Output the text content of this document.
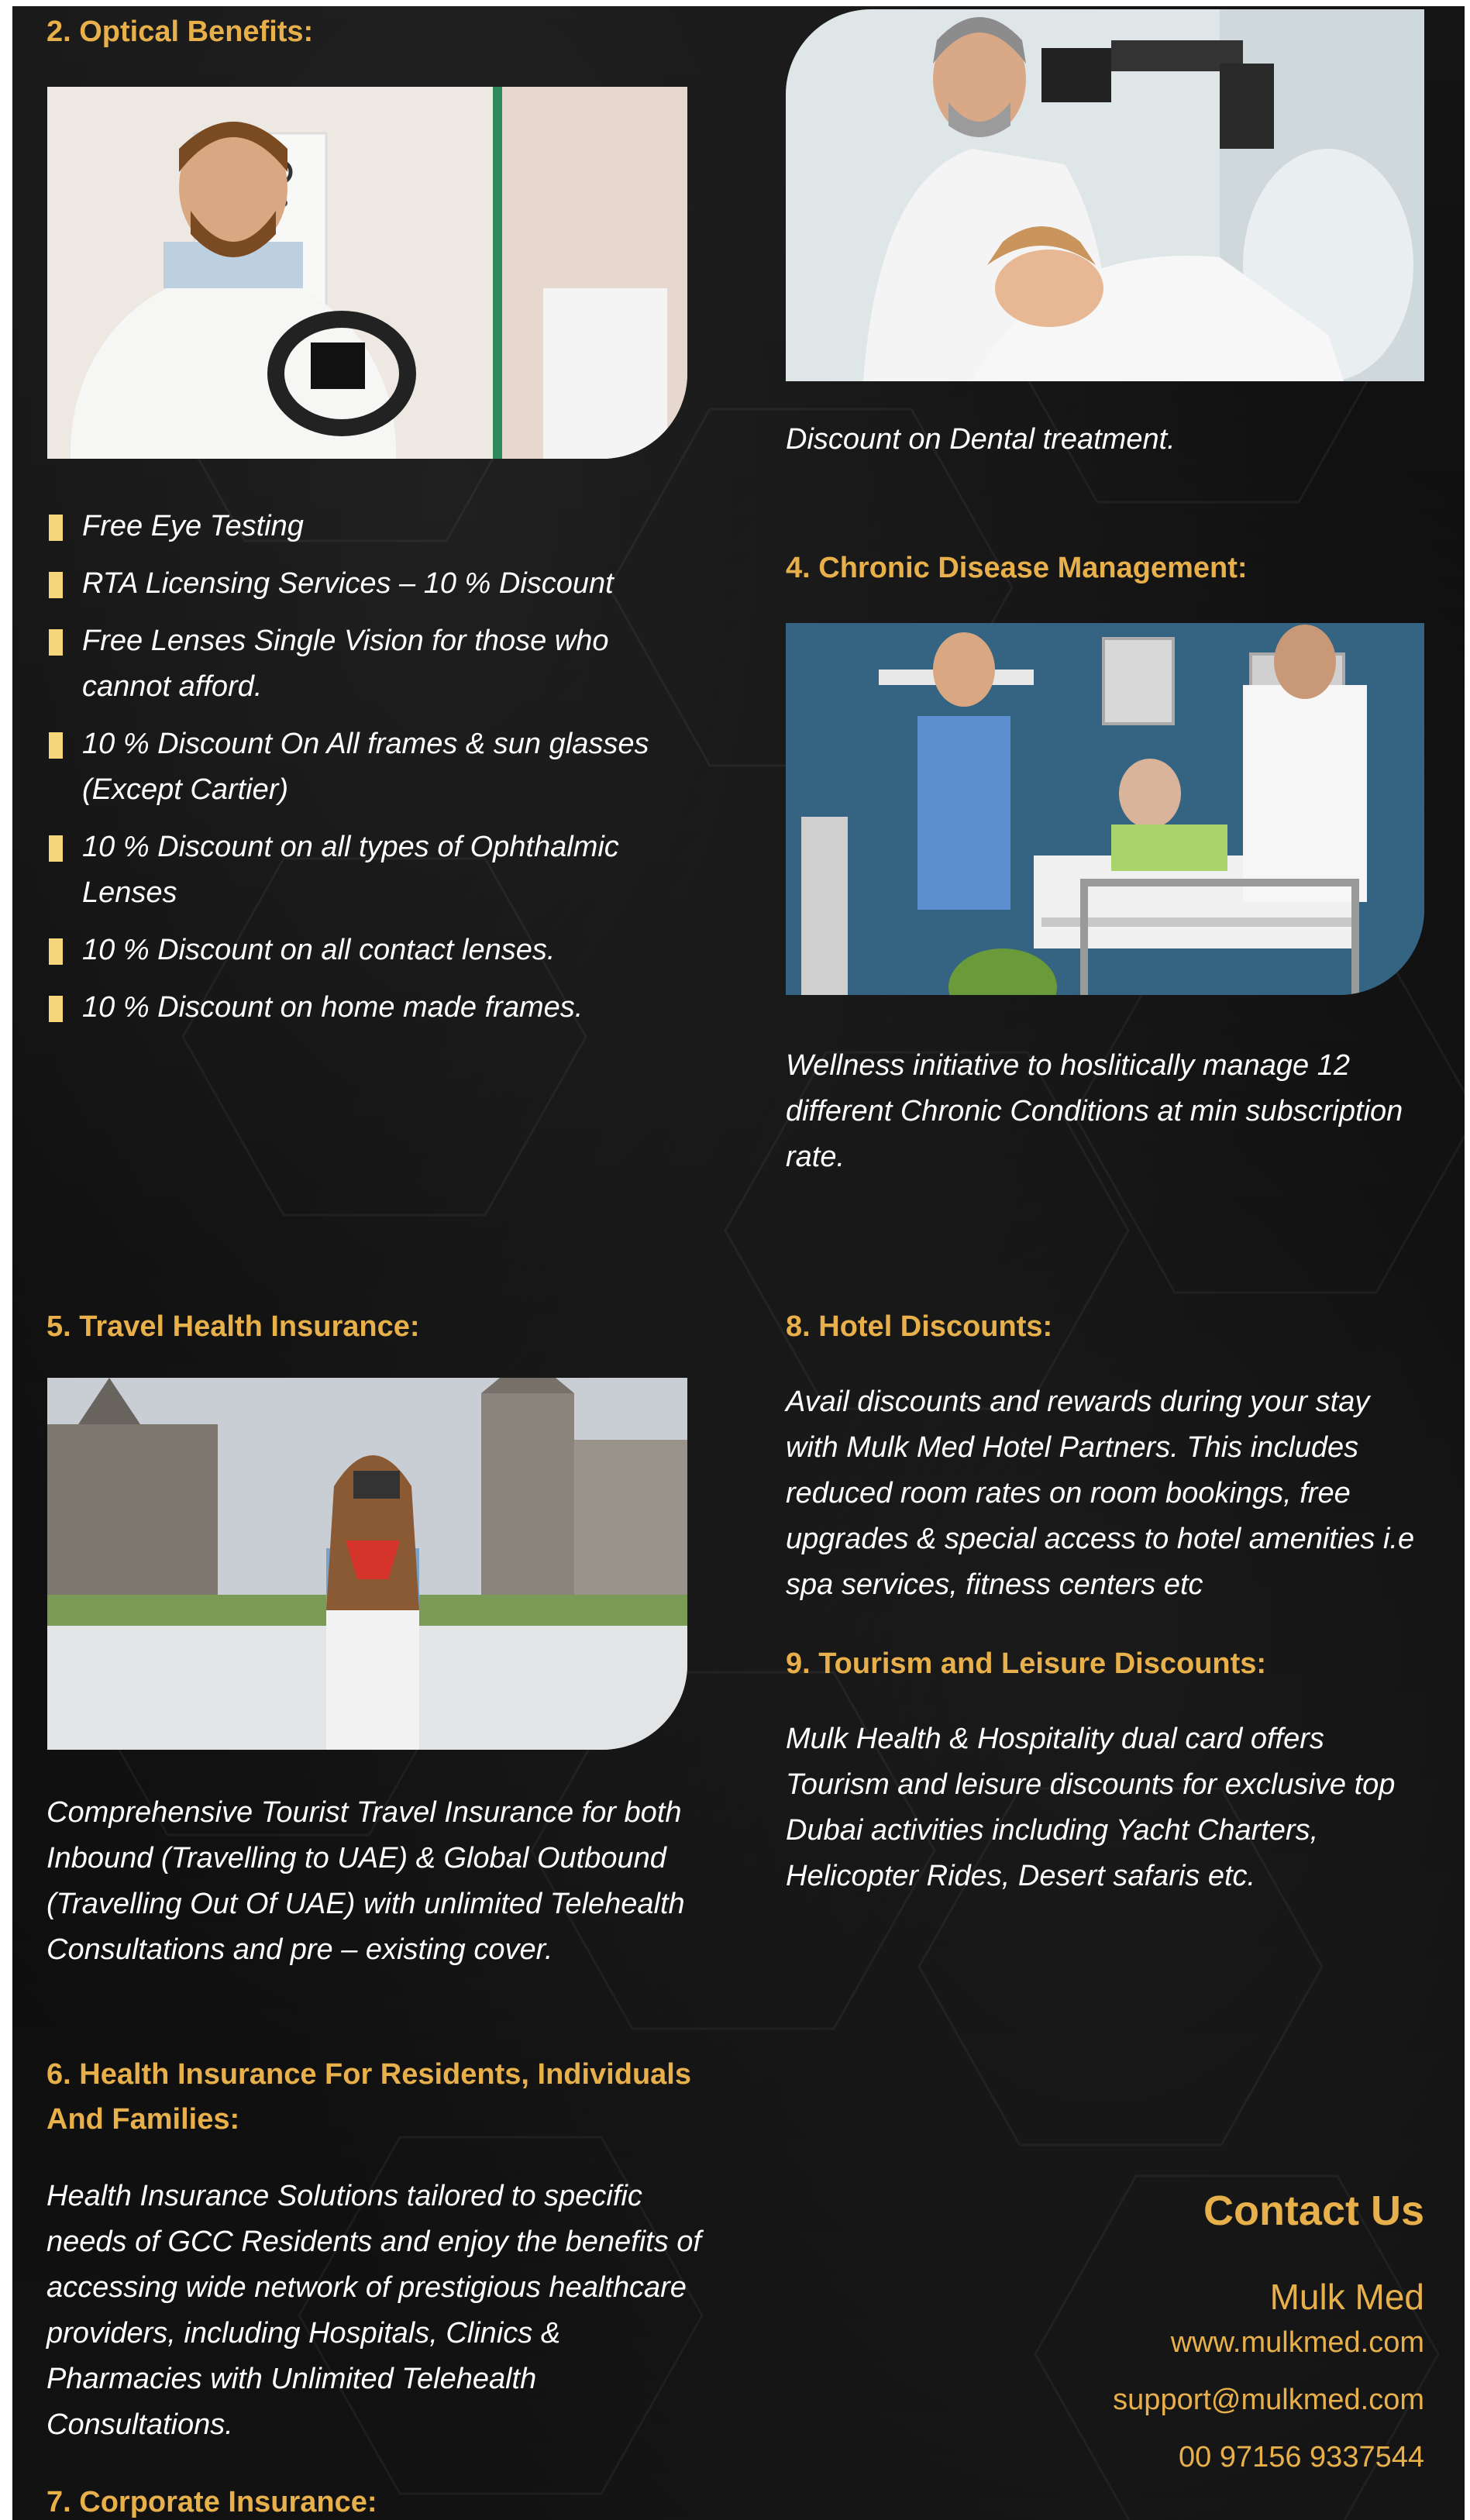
2. Optical Benefits:
Free Eye Testing
RTA Licensing Services – 10 % Discount
Free Lenses Single Vision for those who cannot afford.
10 % Discount On All frames & sun glasses (Except Cartier)
10 % Discount on all types of Ophthalmic Lenses
10 % Discount on all contact lenses.
10 % Discount on home made frames.
5. Travel Health Insurance:

Comprehensive Tourist Travel Insurance for both Inbound (Travelling to UAE) & Global Outbound (Travelling Out Of UAE) with unlimited Telehealth Consultations and pre – existing cover.

6. Health Insurance For Residents, Individuals And Families:

Health Insurance Solutions tailored to specific needs of GCC Residents and enjoy the benefits of accessing wide network of prestigious healthcare providers, including Hospitals, Clinics & Pharmacies with Unlimited Telehealth Consultations.

7. Corporate Insurance:

Discount on Dental treatment.

4. Chronic Disease Management:

Wellness initiative to hoslitically manage 12 different Chronic Conditions at min subscription rate.

8. Hotel Discounts:

Avail discounts and rewards during your stay with Mulk Med Hotel Partners. This includes reduced room rates on room bookings, free upgrades & special access to hotel amenities i.e spa services, fitness centers etc

9. Tourism and Leisure Discounts:

Mulk Health & Hospitality dual card offers Tourism and leisure discounts for exclusive top Dubai activities including Yacht Charters, Helicopter Rides, Desert safaris etc.

Contact Us

Mulk Med

www.mulkmed.com

support@mulkmed.com

00 97156 9337544
